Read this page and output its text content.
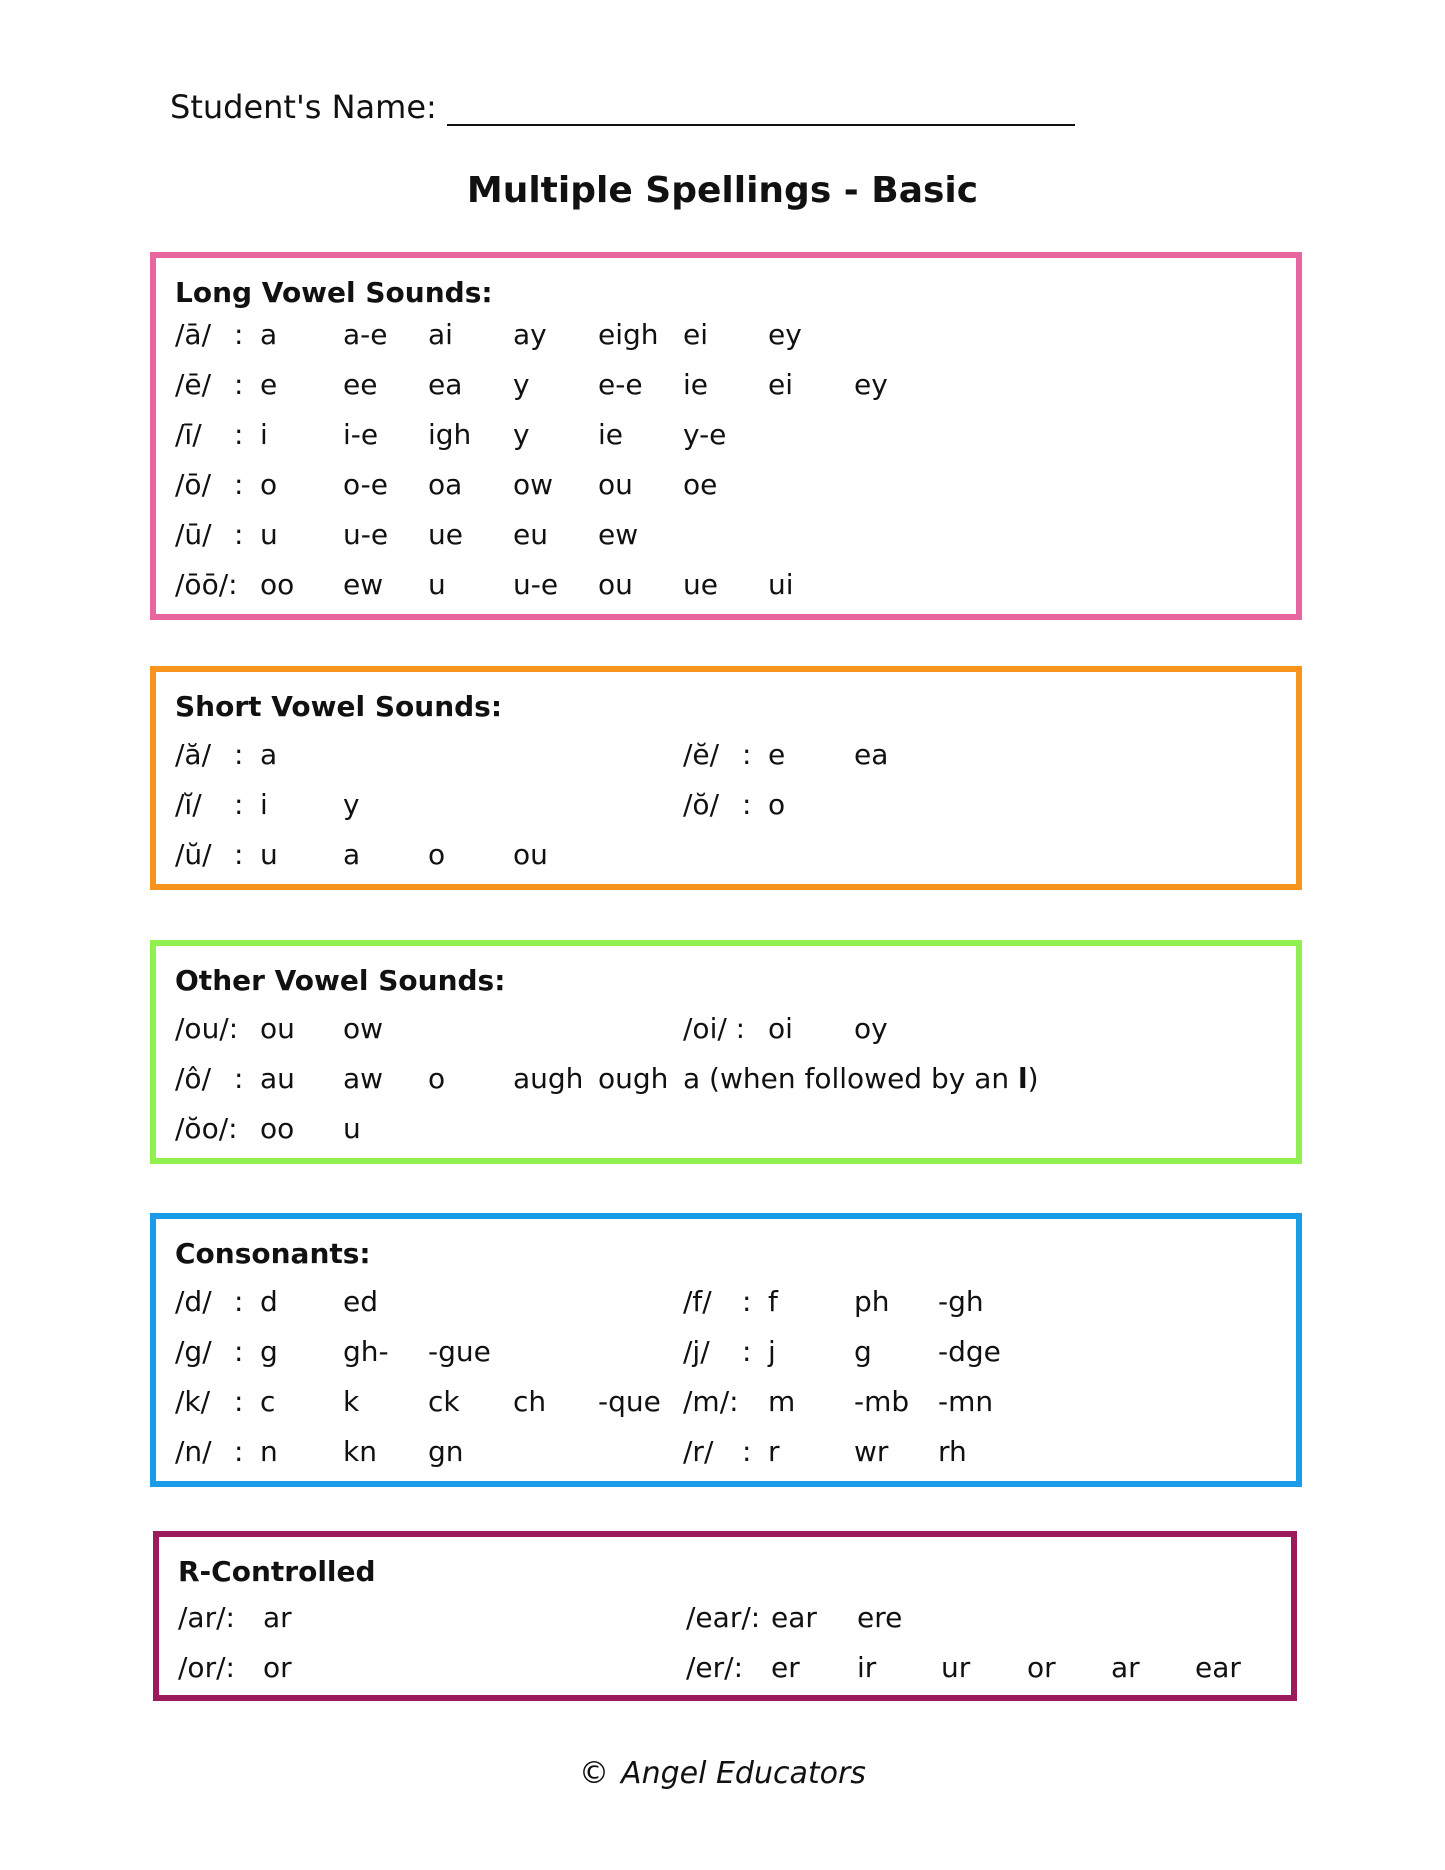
Student's Name:
Multiple Spellings - Basic
Long Vowel Sounds:
/ā/ : a a-e ai ay eigh ei ey
/ē/ : e ee ea y e-e ie ei ey
/ī/ : i	i-e igh y ie y-e
/ō/ : o o-e oa ow ou oe
/ū/ : u u-e ue eu ew
/ōō/: oo ew u u-e ou ue ui
Short Vowel Sounds:
/ă/ : a	/ĕ/ : e ea
/ĭ/ : i	y	/ŏ/ : o
/ŭ/ : u a o ou
Other Vowel Sounds:
/ou/: ou ow	/oi/ : oi oy
/ô/ : au aw o augh ough a (when followed by an l)
/ŏo/: oo u
Consonants:
/d/ : d ed	/f/ : f	ph -gh
/g/ : g gh- -gue	/j/ : j	g -dge
/k/ : c k ck ch -que /m/: m -mb -mn
/n/ : n kn gn	/r/ : r	wr rh
R-Controlled
/ar/: ar	/ear/: ear ere
/or/: or	/er/: er ir ur or ar ear
© Angel Educators
